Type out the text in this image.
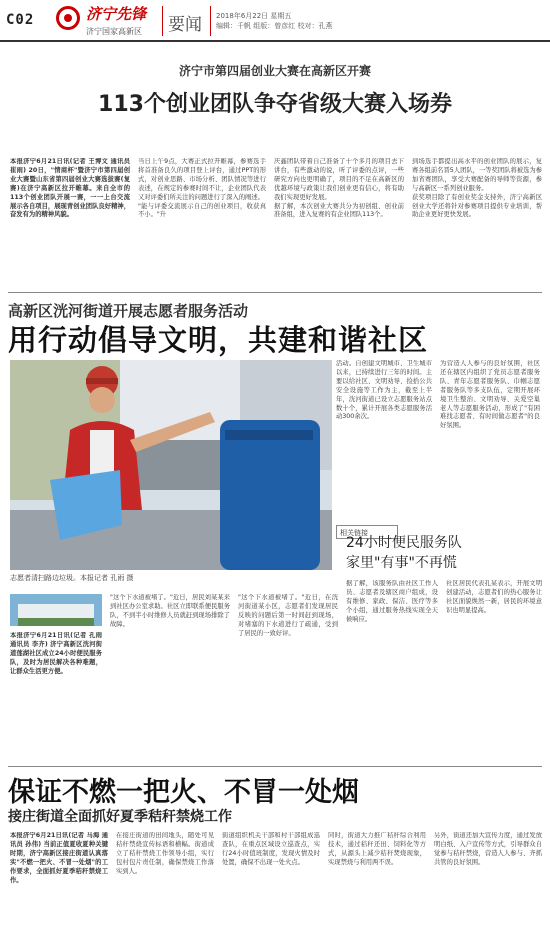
C02	济宁先锋
济宁国家高新区 要闻 2018年6月22日 星期五
编辑：千帆 组版：曾彦红 校对：孔燕
济宁市第四届创业大赛在高新区开赛
113个创业团队争夺省级大赛入场券
本报济宁6月21日讯(记者 王博文 通讯员 崔雨) 20日，"情商杯"暨济宁市第四届创业大赛暨山东省第四届创业大赛选拔赛(复赛)在济宁高新区拉开帷幕。来自全市的113个创业团队开展一赛，一一上台交流展示各自项目，展现青创业团队良好精神，奋发有为的精神风貌。

当日上午9点，大赛正式拉开帷幕，参赛选手将首准备良久的项目登上评台，通过PPT的形式，对创业思路、市场分析、团队情况等进行表述，在规定的参赛时间不让，企业团队代表又对评委们所关注的问题进行了深入的阐述。

"能与评委交流展示自己的创业项目，收获真不小。"升

庆鑫团队带着自己准备了十个多月的项目去下讲台，有些激动的说，听了评委的点评，一些研究方向也更明确了，项目的不足在高新区的优越环境与政策让我们创业更有信心，将有助我们实现更好发展。

据了解，本次创业大赛共分为初创组、创业前准备组，进入复赛的有企业团队113个。

到场选手都提出高水平的创业团队的展示，复赛各组前名晋5人团队，一等奖团队将被选为参加省赛团队，享受大赛配备的导师等资源，参与高新区一系列创业服务。

获奖项目除了有创业奖金支持外，济宁高新区创业大学还将针对参赛项目提供专业培训，帮助企业更好更快发展。

高新区洸河街道开展志愿者服务活动
用行动倡导文明，共建和谐社区
志愿者清扫路边垃圾。本报记者 孔雨 摄

活动。自创建文明城市、卫生城市以来，已持续进行三年的时间。主要以给社区、文明劝导、捡拾公共安全设施等工作为主，截至上半年，洸河街道已设立志愿服务站点数十个，累计开展各类志愿服务活动300余次。

为营造人人参与的良好氛围，社区还在辖区内组织了党员志愿者服务队、青年志愿者服务队、巾帼志愿者服务队等多支队伍，定期开展环境卫生整治、文明劝导、关爱空巢老人等志愿服务活动，形成了"有困难找志愿者、有时间做志愿者"的良好氛围。

相关链接
24小时便民服务队
家里"有事"不再慌
本报济宁6月21日讯(记者 孔雨 通讯员 李齐) 济宁高新区洸河街道莲湖社区成立24小时便民服务队，及时为居民解决各种难题，让群众生活更方便。

"这个下水道被堵了。"近日，居民刘某某来到社区办公室求助。社区立即联系便民服务队，不到半小时维修人员就赶到现场排除了故障。

"这个下水道被堵了。"近日，在洸河街道某小区，志愿者们发现居民反映的问题后第一时间赶到现场，对堵塞的下水道进行了疏通，受到了居民的一致好评。

据了解，该服务队由社区工作人员、志愿者及辖区商户组成，设有维修、家政、保洁、医疗等多个小组，通过服务热线实现全天候响应。

社区居民代表孔某表示，开展文明创建活动，志愿者们的热心服务让社区面貌焕然一新，居民的环境意识也明显提高。

保证不燃一把火、不冒一处烟
接庄街道全面抓好夏季秸秆禁烧工作
本报济宁6月21日讯(记者 马海 通讯员 孙伟) 当前正值夏收夏种关键时期，济宁高新区接庄街道认真落实"不燃一把火、不冒一处烟"的工作要求，全面抓好夏季秸秆禁烧工作。

在接庄街道的田间地头，随处可见秸秆禁烧宣传标语和横幅。街道成立了秸秆禁烧工作领导小组，实行包村包片责任制，确保禁烧工作落实到人。

街道组织机关干部和村干部组成巡查队，在重点区域设立巡查点，实行24小时值班制度，发现火情及时处置，确保不出现一处火点。

同时，街道大力推广秸秆综合利用技术，通过秸秆还田、饲料化等方式，从源头上减少秸秆焚烧现象，实现禁烧与利用两不误。

另外，街道还加大宣传力度，通过发放明白纸、入户宣传等方式，引导群众自觉参与秸秆禁烧，营造人人参与、齐抓共管的良好氛围。
